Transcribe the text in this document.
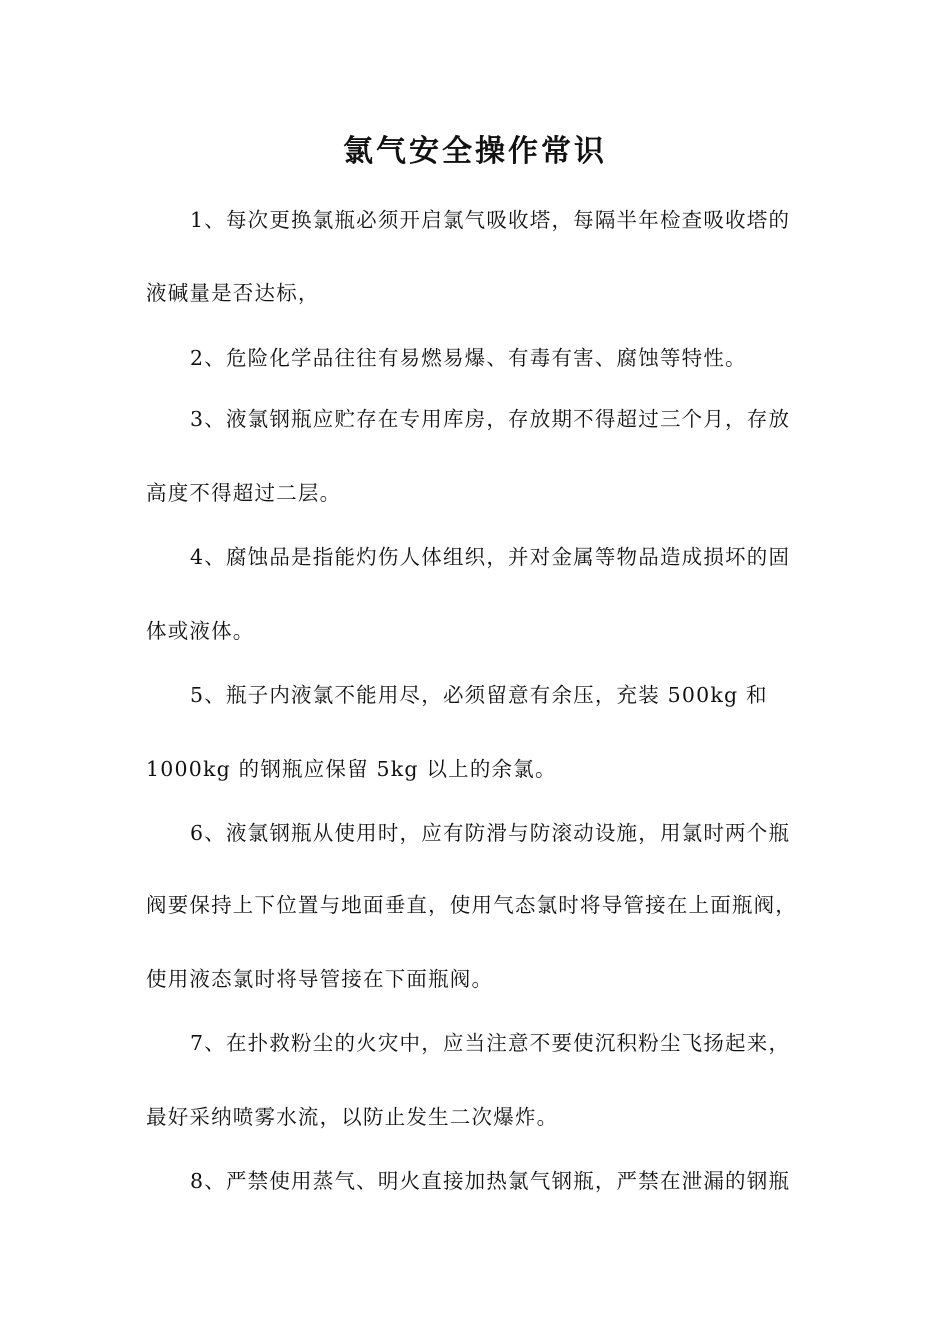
氯气安全操作常识
1、每次更换氯瓶必须开启氯气吸收塔，每隔半年检查吸收塔的
液碱量是否达标，
2、危险化学品往往有易燃易爆、有毒有害、腐蚀等特性。
3、液氯钢瓶应贮存在专用库房，存放期不得超过三个月，存放
高度不得超过二层。
4、腐蚀品是指能灼伤人体组织，并对金属等物品造成损坏的固
体或液体。
5、瓶子内液氯不能用尽，必须留意有余压，充装 500kg 和
1000kg 的钢瓶应保留 5kg 以上的余氯。
6、液氯钢瓶从使用时，应有防滑与防滚动设施，用氯时两个瓶
阀要保持上下位置与地面垂直，使用气态氯时将导管接在上面瓶阀，
使用液态氯时将导管接在下面瓶阀。
7、在扑救粉尘的火灾中，应当注意不要使沉积粉尘飞扬起来，
最好采纳喷雾水流，以防止发生二次爆炸。
8、严禁使用蒸气、明火直接加热氯气钢瓶，严禁在泄漏的钢瓶
